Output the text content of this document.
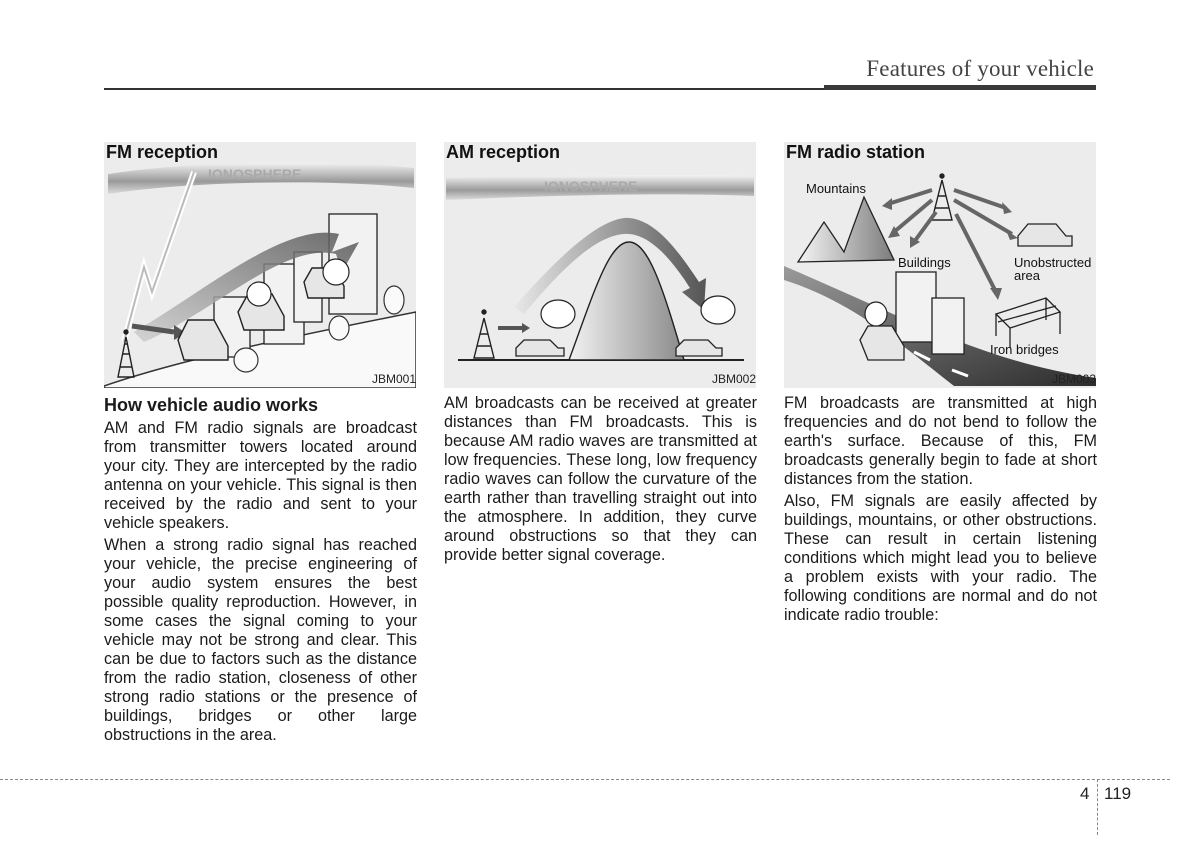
Features of your vehicle
FM reception
IONOSPHERE
JBM001
AM reception
IONOSPHERE
JBM002
FM radio station
Mountains
Buildings	Unobstructed
area
Iron bridges
JBM003
How vehicle audio works

AM and FM radio signals are broadcast from transmitter towers located around your city. They are intercepted by the radio antenna on your vehicle. This signal is then received by the radio and sent to your vehicle speakers.

When a strong radio signal has reached your vehicle, the precise engineering of your audio system ensures the best possible quality reproduction. However, in some cases the signal coming to your vehicle may not be strong and clear. This can be due to factors such as the distance from the radio station, closeness of other strong radio stations or the presence of buildings, bridges or other large obstructions in the area.

AM broadcasts can be received at greater distances than FM broadcasts. This is because AM radio waves are transmitted at low frequencies. These long, low frequency radio waves can follow the curvature of the earth rather than travelling straight out into the atmosphere. In addition, they curve around obstructions so that they can provide better signal coverage.

FM broadcasts are transmitted at high frequencies and do not bend to follow the earth's surface. Because of this, FM broadcasts generally begin to fade at short distances from the station.

Also, FM signals are easily affected by buildings, mountains, or other obstructions. These can result in certain listening conditions which might lead you to believe a problem exists with your radio. The following conditions are normal and do not indicate radio trouble:

4 119
